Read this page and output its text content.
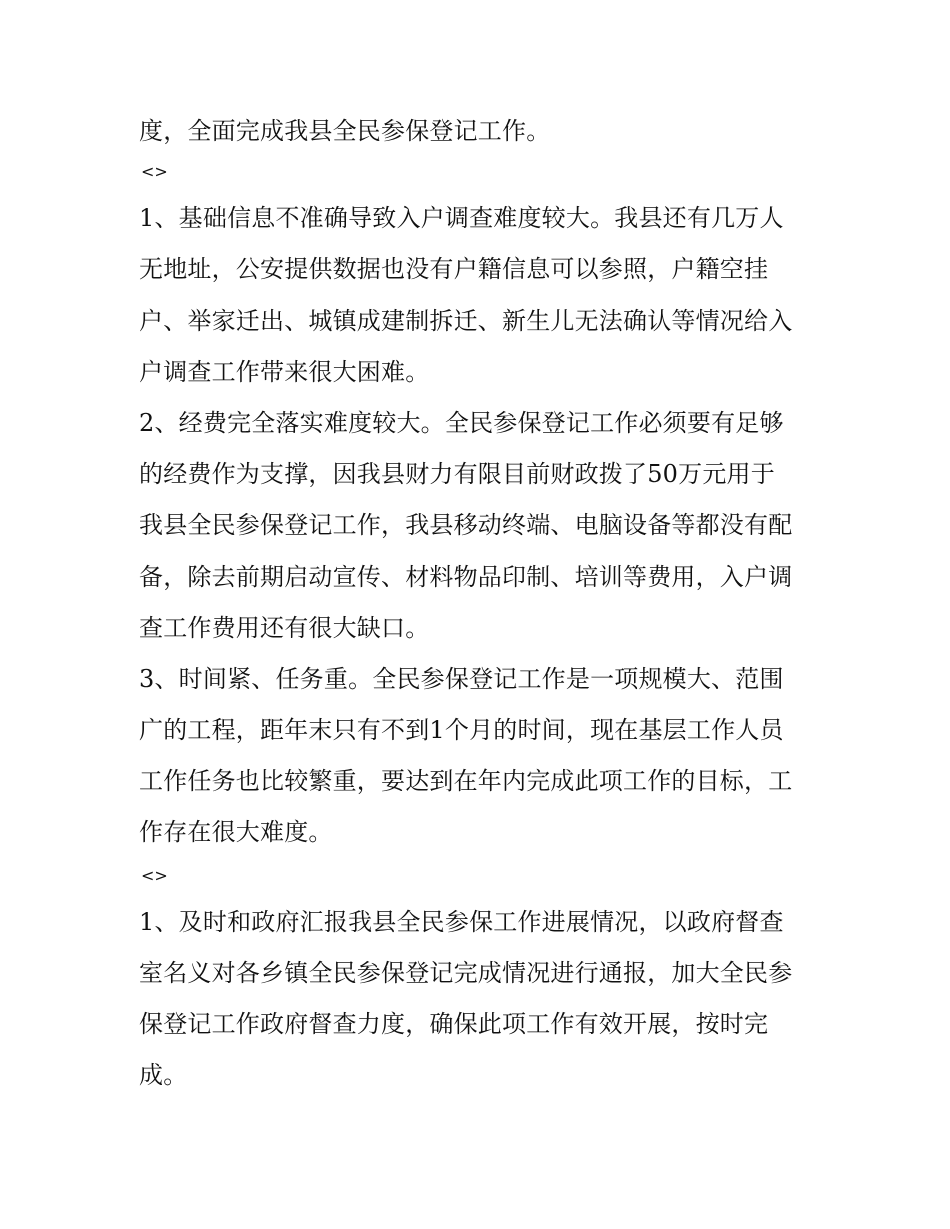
度，全面完成我县全民参保登记工作。
<>
1、基础信息不准确导致入户调查难度较大。我县还有几万人
无地址，公安提供数据也没有户籍信息可以参照，户籍空挂
户、举家迁出、城镇成建制拆迁、新生儿无法确认等情况给入
户调查工作带来很大困难。
2、经费完全落实难度较大。全民参保登记工作必须要有足够
的经费作为支撑，因我县财力有限目前财政拨了50万元用于
我县全民参保登记工作，我县移动终端、电脑设备等都没有配
备，除去前期启动宣传、材料物品印制、培训等费用，入户调
查工作费用还有很大缺口。
3、时间紧、任务重。全民参保登记工作是一项规模大、范围
广的工程，距年末只有不到1个月的时间，现在基层工作人员
工作任务也比较繁重，要达到在年内完成此项工作的目标，工
作存在很大难度。
<>
1、及时和政府汇报我县全民参保工作进展情况，以政府督查
室名义对各乡镇全民参保登记完成情况进行通报，加大全民参
保登记工作政府督查力度，确保此项工作有效开展，按时完
成。
